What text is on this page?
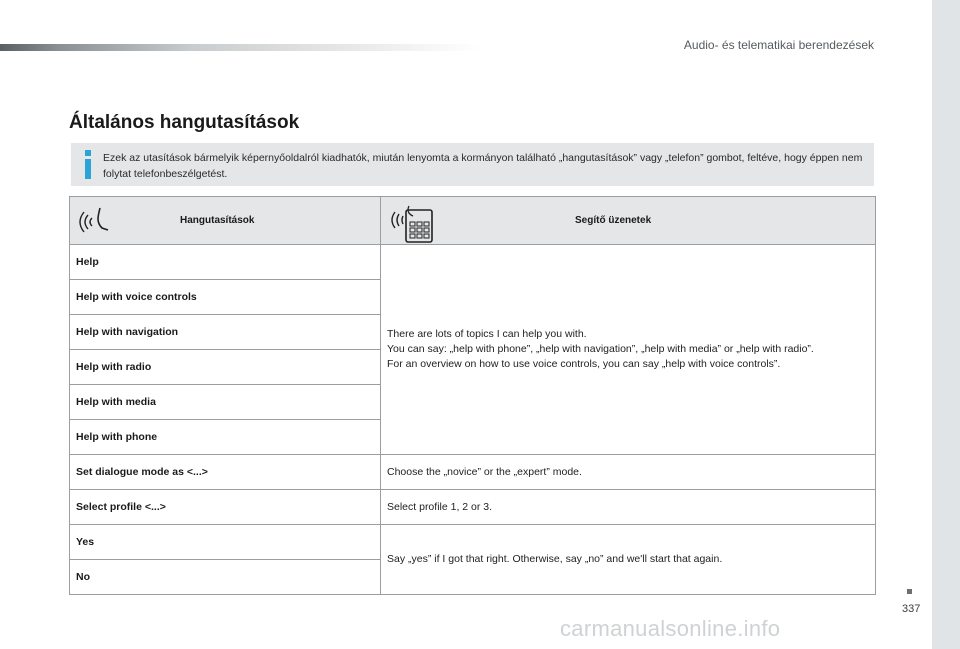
Audio- és telematikai berendezések
Általános hangutasítások
Ezek az utasítások bármelyik képernyőoldalról kiadhatók, miután lenyomta a kormányon található „hangutasítások” vagy „telefon” gombot, feltéve, hogy éppen nem folytat telefonbeszélgetést.
Hangutasítások	Segítő üzenetek

Help	There are lots of topics I can help you with.
You can say: „help with phone”, „help with navigation”, „help with media” or „help with radio”.
For an overview on how to use voice controls, you can say „help with voice controls”.

Help with voice controls	
Help with navigation	
Help with radio	
Help with media	
Help with phone	
Set dialogue mode as <...>	Choose the „novice” or the „expert” mode.
Select profile <...>	Select profile 1, 2 or 3.
Yes	Say „yes” if I got that right. Otherwise, say „no” and we'll start that again.
No	
337
carmanualsonline.info
